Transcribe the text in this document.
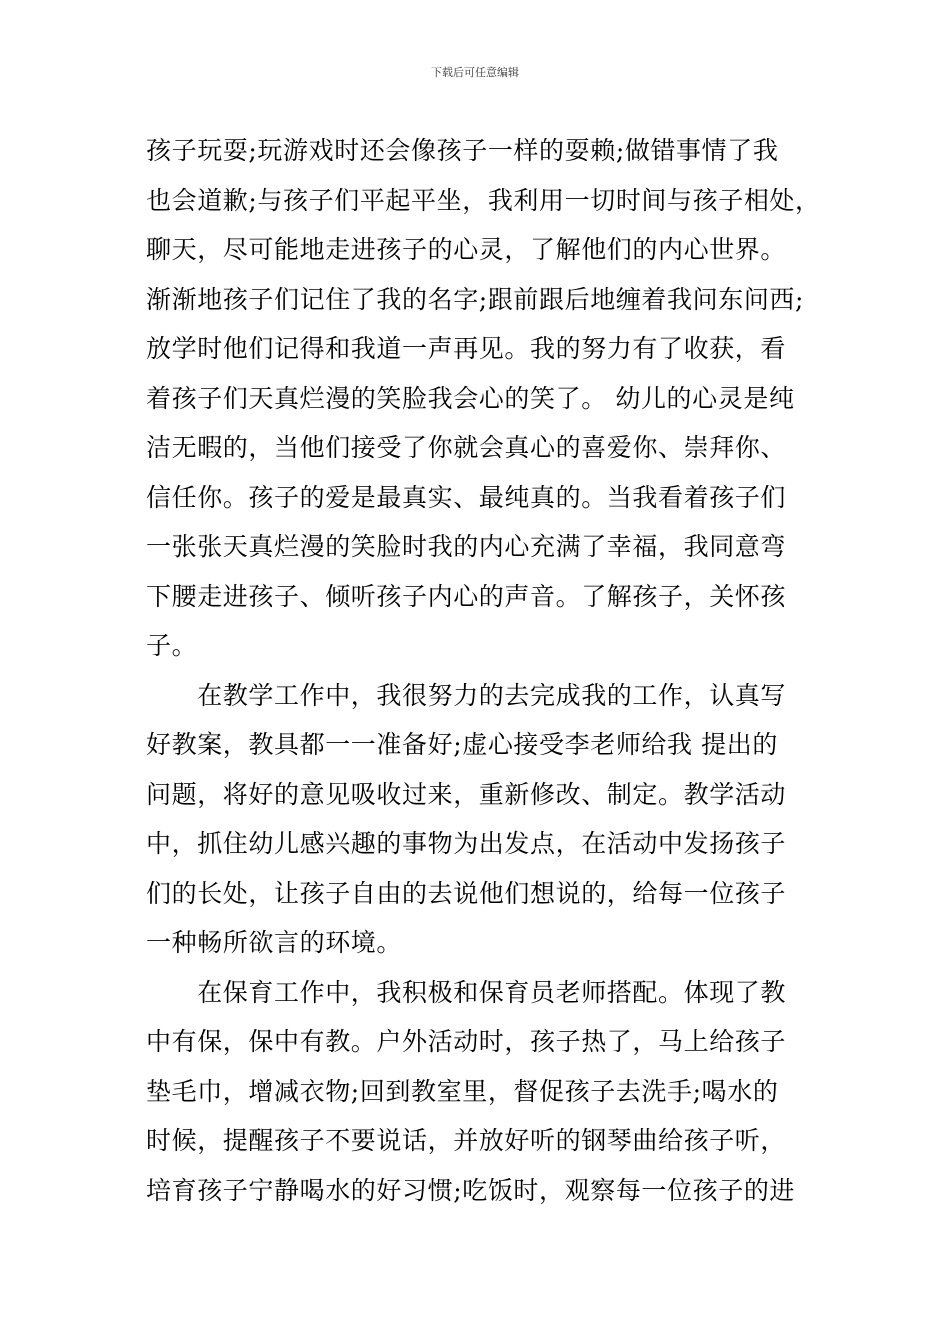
下载后可任意编辑
孩子玩耍;玩游戏时还会像孩子一样的耍赖;做错事情了我
也会道歉;与孩子们平起平坐，我利用一切时间与孩子相处，
聊天，尽可能地走进孩子的心灵，了解他们的内心世界。
渐渐地孩子们记住了我的名字;跟前跟后地缠着我问东问西;
放学时他们记得和我道一声再见。我的努力有了收获，看
着孩子们天真烂漫的笑脸我会心的笑了。 幼儿的心灵是纯
洁无暇的，当他们接受了你就会真心的喜爱你、崇拜你、
信任你。孩子的爱是最真实、最纯真的。当我看着孩子们
一张张天真烂漫的笑脸时我的内心充满了幸福，我同意弯
下腰走进孩子、倾听孩子内心的声音。了解孩子，关怀孩
子。
　　在教学工作中，我很努力的去完成我的工作，认真写
好教案，教具都一一准备好;虚心接受李老师给我 提出的
问题，将好的意见吸收过来，重新修改、制定。教学活动
中，抓住幼儿感兴趣的事物为出发点，在活动中发扬孩子
们的长处，让孩子自由的去说他们想说的，给每一位孩子
一种畅所欲言的环境。
　　在保育工作中，我积极和保育员老师搭配。体现了教
中有保，保中有教。户外活动时，孩子热了，马上给孩子
垫毛巾，增减衣物;回到教室里，督促孩子去洗手;喝水的
时候，提醒孩子不要说话，并放好听的钢琴曲给孩子听，
培育孩子宁静喝水的好习惯;吃饭时，观察每一位孩子的进
